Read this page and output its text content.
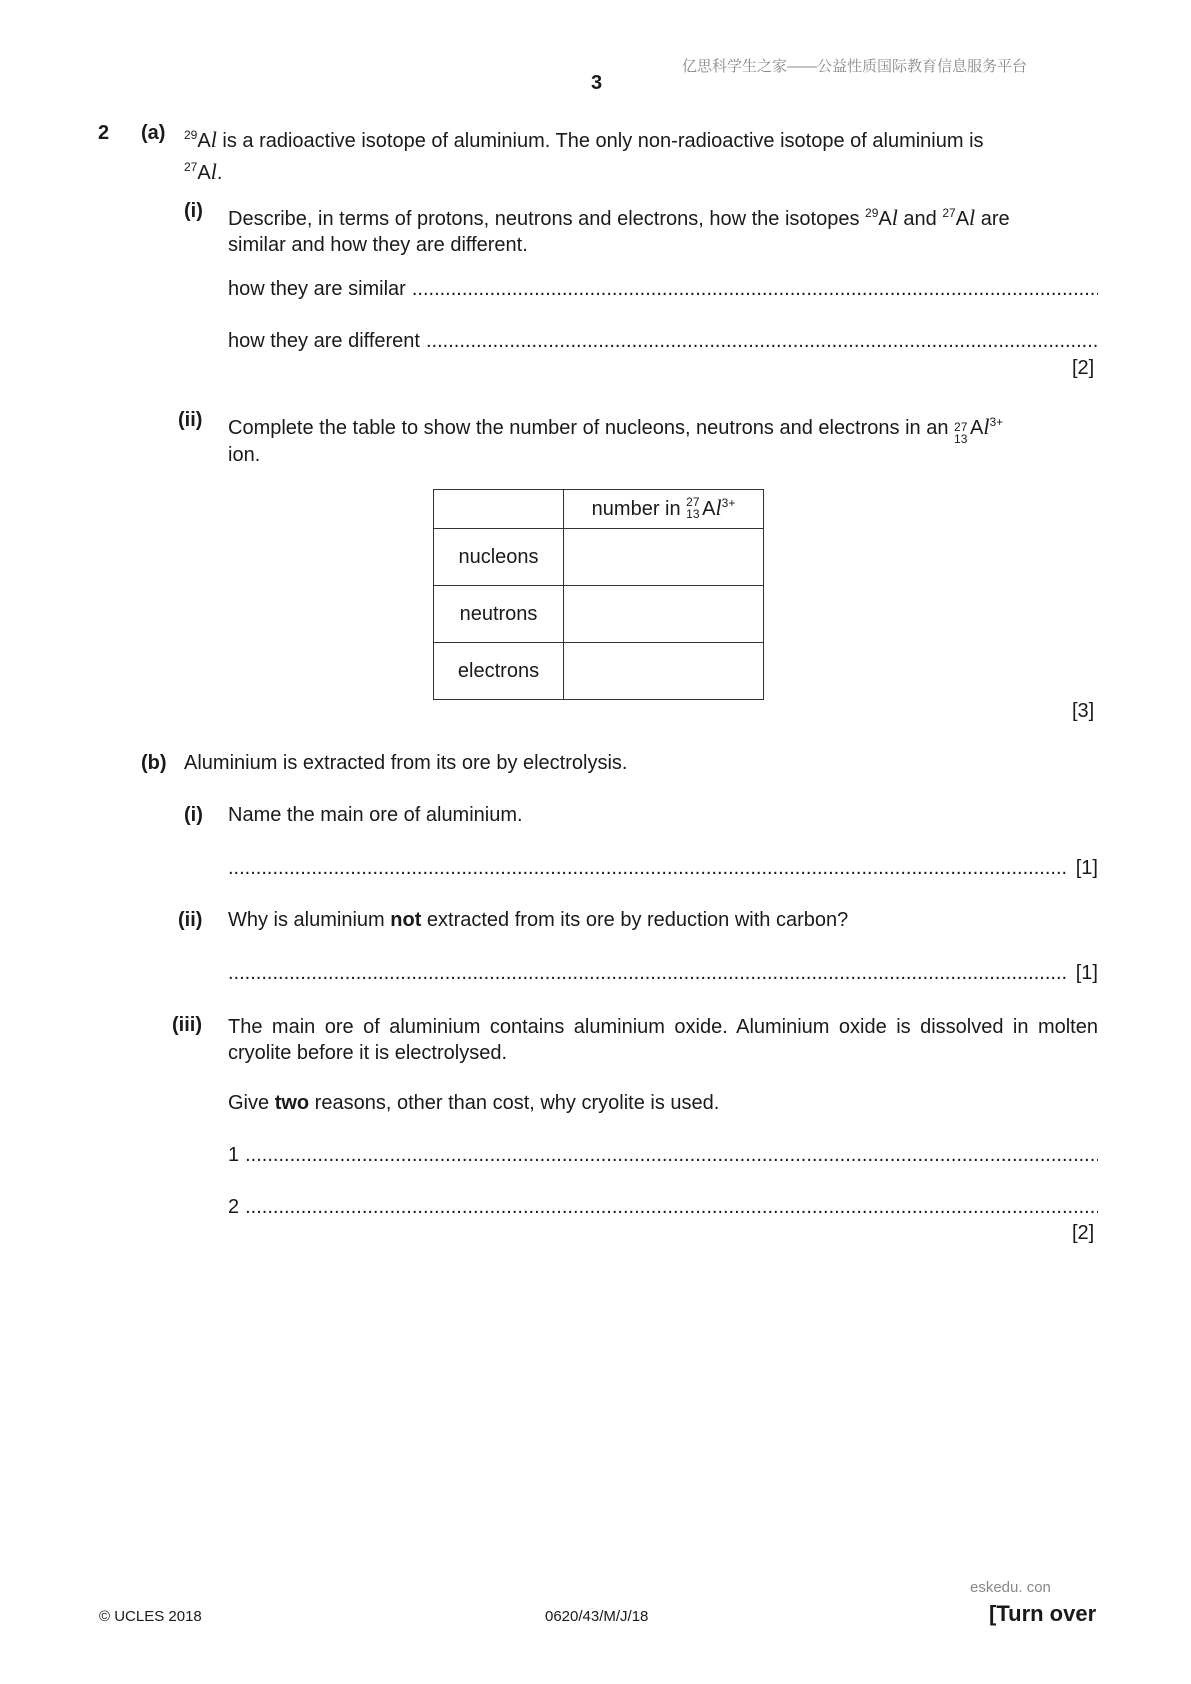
亿思科学生之家——公益性质国际教育信息服务平台
3
2 (a) $^{29}$Al is a radioactive isotope of aluminium. The only non-radioactive isotope of aluminium is
$^{27}$Al.
(i) Describe, in terms of protons, neutrons and electrons, how the isotopes $^{29}$Al and $^{27}$Al are
similar and how they are different.
how they are similar
.....
how they are different
.....
[2]
(ii) Complete the table to show the number of nucleons, neutrons and electrons in an 27
13 $Al^{3+}$
ion.
	number in 27
13 $Al^{3+}$
nucleons	
neutrons	
electrons	
[3]
(b) Aluminium is extracted from its ore by electrolysis.
(i) Name the main ore of aluminium.
.....
[1]
(ii) Why is aluminium not extracted from its ore by reduction with carbon?
.....
[1]
(iii) The main ore of aluminium contains aluminium oxide. Aluminium oxide is dissolved in molten cryolite before it is electrolysed.
Give two reasons, other than cost, why cryolite is used.
1
.....
2
.....
[2]
eskedu. con
© UCLES 2018	0620/43/M/J/18	[Turn over
